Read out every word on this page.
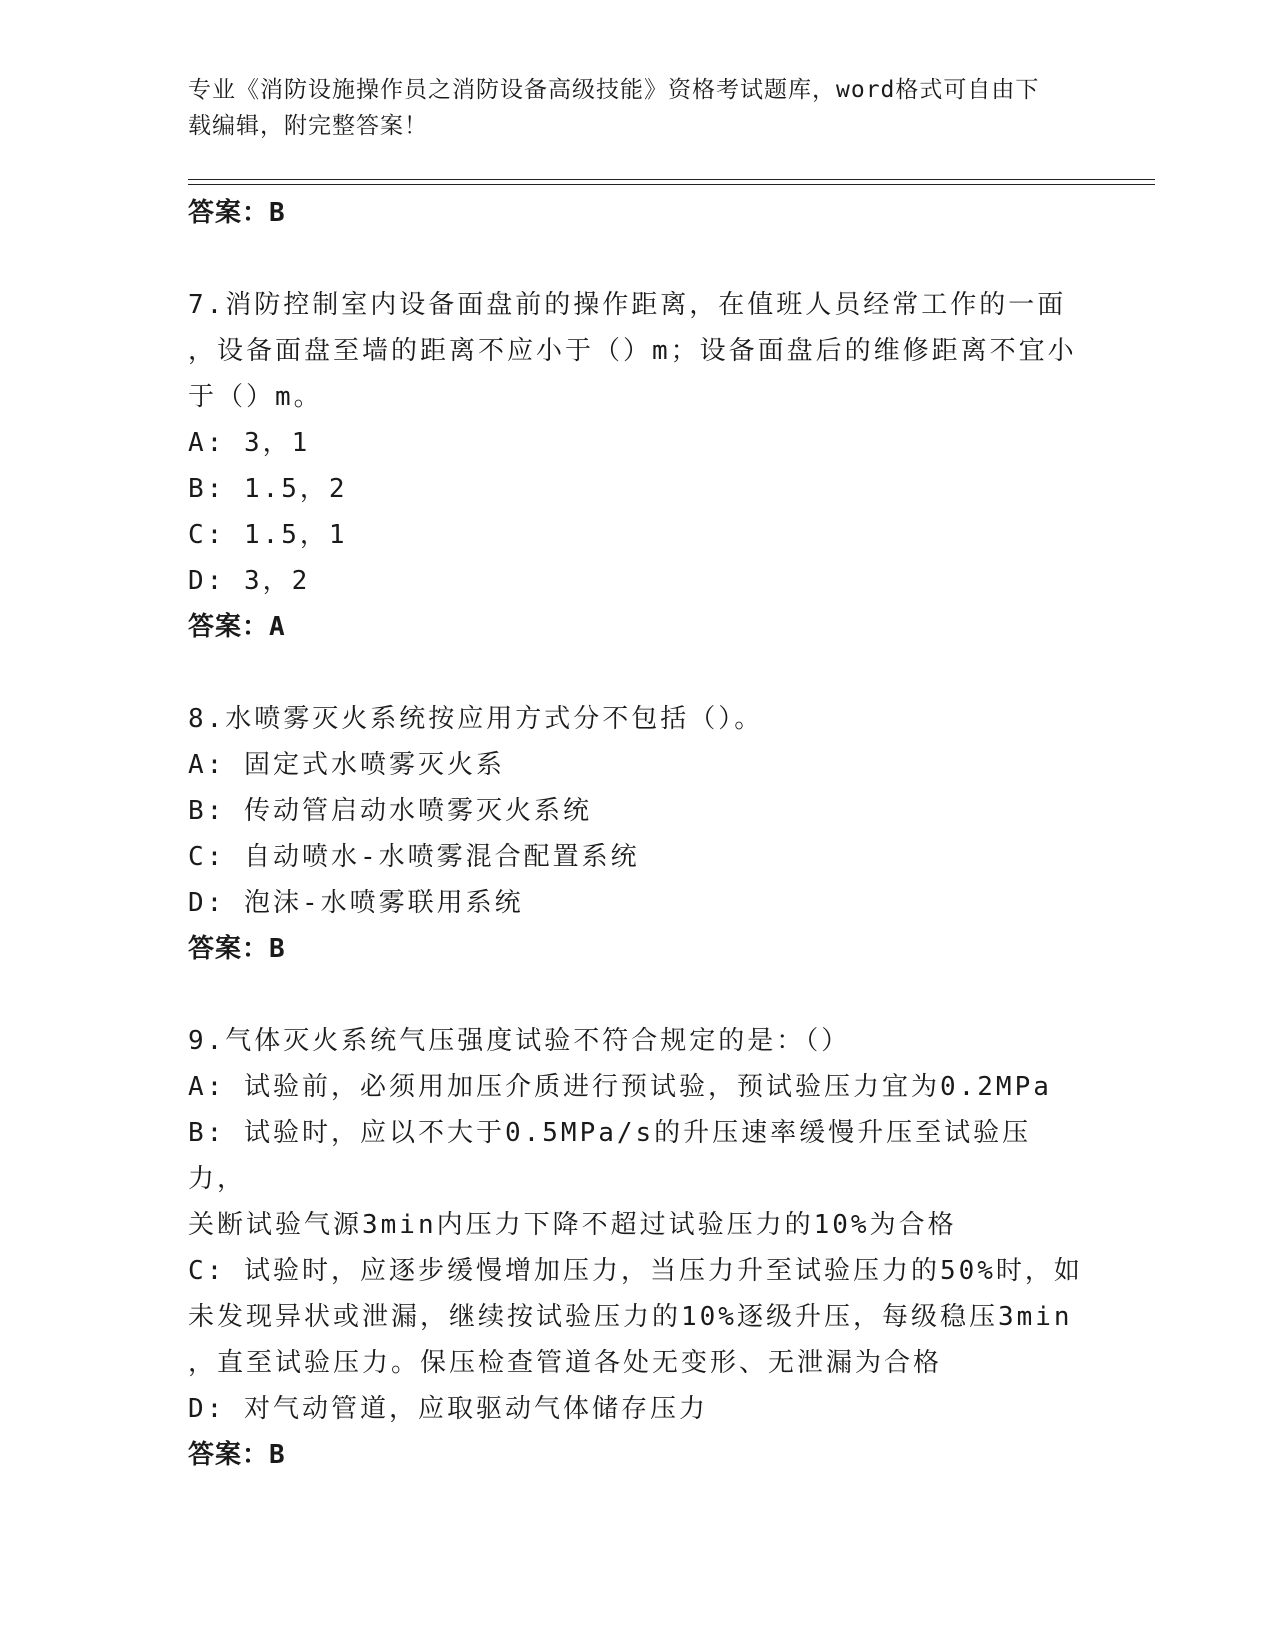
专业《消防设施操作员之消防设备高级技能》资格考试题库，word格式可自由下
载编辑，附完整答案！

答案：B

7.消防控制室内设备面盘前的操作距离，在值班人员经常工作的一面

，设备面盘至墙的距离不应小于（）m；设备面盘后的维修距离不宜小

于（）m。

A: 3，1

B: 1.5，2

C: 1.5，1

D: 3，2

答案：A

8.水喷雾灭火系统按应用方式分不包括（）。

A: 固定式水喷雾灭火系

B: 传动管启动水喷雾灭火系统

C: 自动喷水-水喷雾混合配置系统

D: 泡沫-水喷雾联用系统

答案：B

9.气体灭火系统气压强度试验不符合规定的是：（）

A: 试验前，必须用加压介质进行预试验，预试验压力宜为0.2MPa

B: 试验时，应以不大于0.5MPa/s的升压速率缓慢升压至试验压力，

关断试验气源3min内压力下降不超过试验压力的10%为合格

C: 试验时，应逐步缓慢增加压力，当压力升至试验压力的50%时，如

未发现异状或泄漏，继续按试验压力的10%逐级升压，每级稳压3min

，直至试验压力。保压检查管道各处无变形、无泄漏为合格

D: 对气动管道，应取驱动气体储存压力

答案：B
